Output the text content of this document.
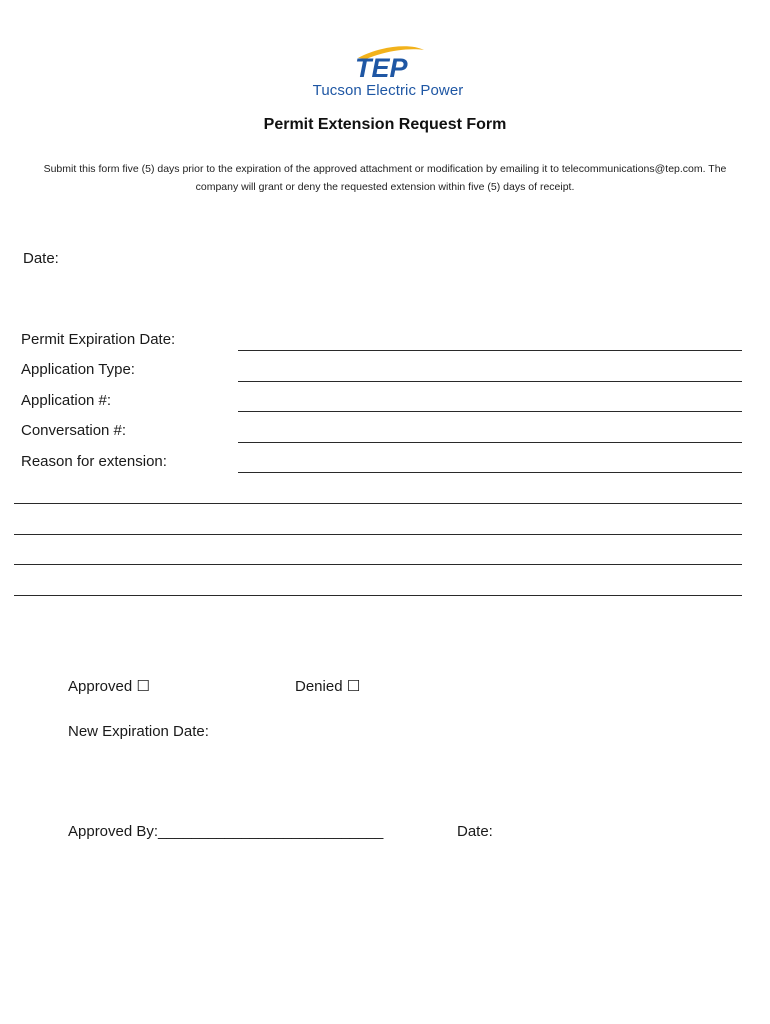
TEP
Tucson Electric Power
Permit Extension Request Form
Submit this form five (5) days prior to the expiration of the approved attachment or modification by emailing it to telecommunications@tep.com. The company will grant or deny the requested extension within five (5) days of receipt.
Date:
Permit Expiration Date:
Application Type:
Application #:
Conversation #:
Reason for extension:
Approved ☐	Denied ☐
New Expiration Date:
Approved By:___________________________	Date:
